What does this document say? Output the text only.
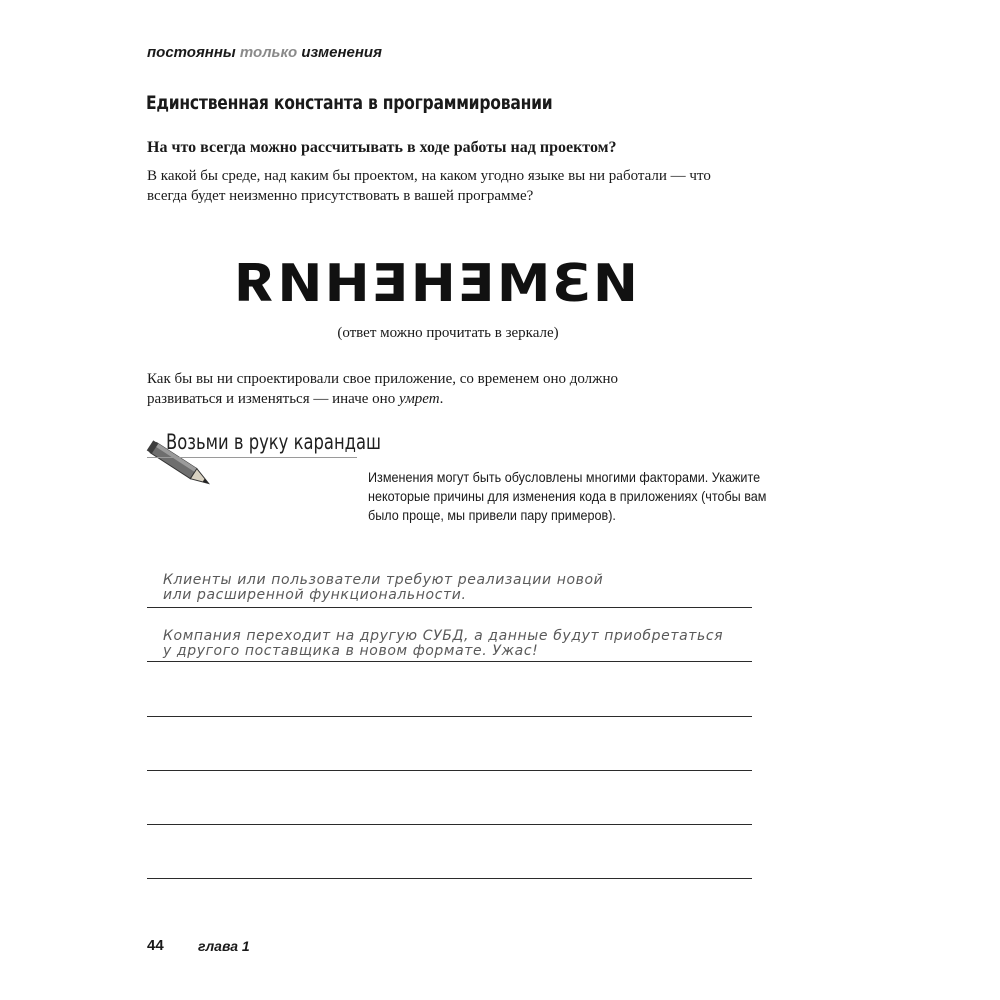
постоянны только изменения
Единственная константа в программировании
На что всегда можно рассчитывать в ходе работы над проектом?
В какой бы среде, над каким бы проектом, на каком угодно языке вы ни работали — что
всегда будет неизменно присутствовать в вашей программе?
ИЗМЕНЕНИЯ
(ответ можно прочитать в зеркале)
Как бы вы ни спроектировали свое приложение, со временем оно должно
развиваться и изменяться — иначе оно умрет.
Возьми в руку карандаш
Изменения могут быть обусловлены многими факторами. Укажите
некоторые причины для изменения кода в приложениях (чтобы вам
было проще, мы привели пару примеров).
Клиенты или пользователи требуют реализации новой
или расширенной функциональности.
Компания переходит на другую СУБД, а данные будут приобретаться
у другого поставщика в новом формате. Ужас!
44 глава 1
